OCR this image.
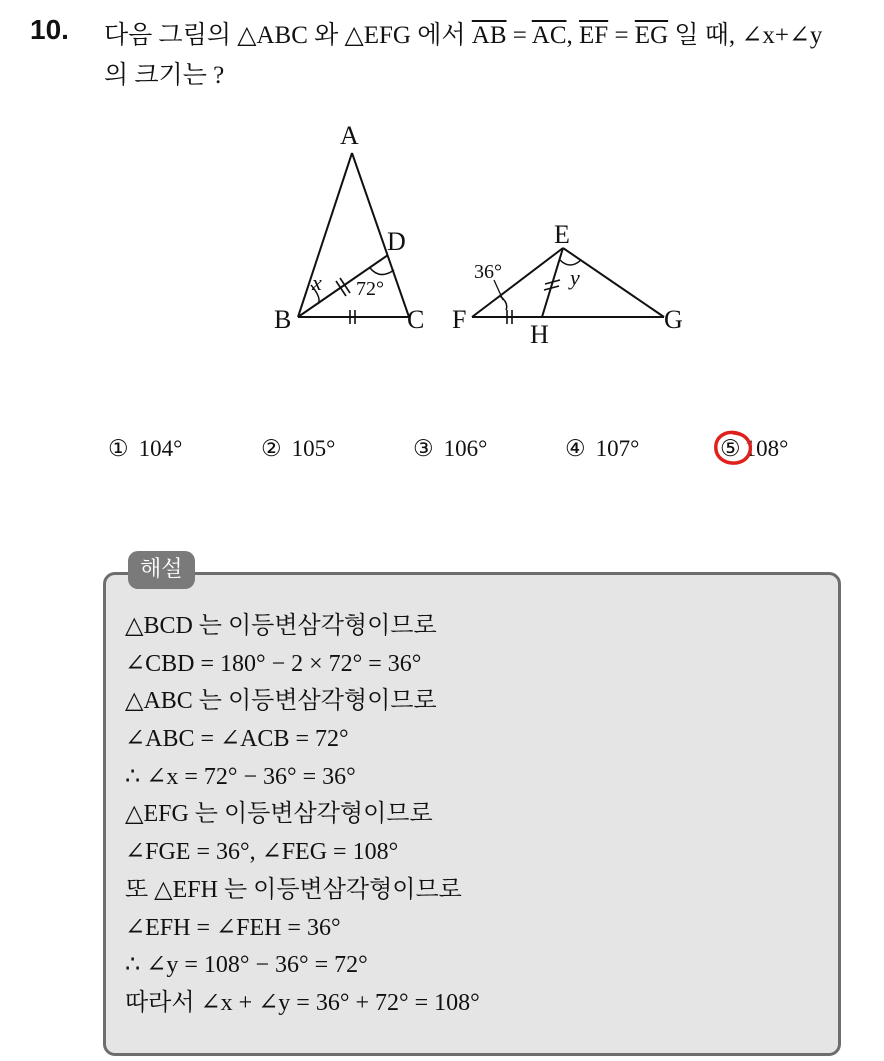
10. 다음 그림의 △ABC 와 △EFG 에서 $\overline{AB} = \overline{AC}$, $\overline{EF} = \overline{EG}$ 일 때, ∠x+∠y
의 크기는 ?
A
B	C
D	E
F	G
H
x	y
72°
36°
① 104°	② 105°	③ 106°	④ 107°	⑤ 108°
해설
△BCD 는 이등변삼각형이므로
∠CBD = 180° − 2 × 72° = 36°
△ABC 는 이등변삼각형이므로
∠ABC = ∠ACB = 72°
∴ ∠x = 72° − 36° = 36°
△EFG 는 이등변삼각형이므로
∠FGE = 36°, ∠FEG = 108°
또 △EFH 는 이등변삼각형이므로
∠EFH = ∠FEH = 36°
∴ ∠y = 108° − 36° = 72°
따라서 ∠x + ∠y = 36° + 72° = 108°
